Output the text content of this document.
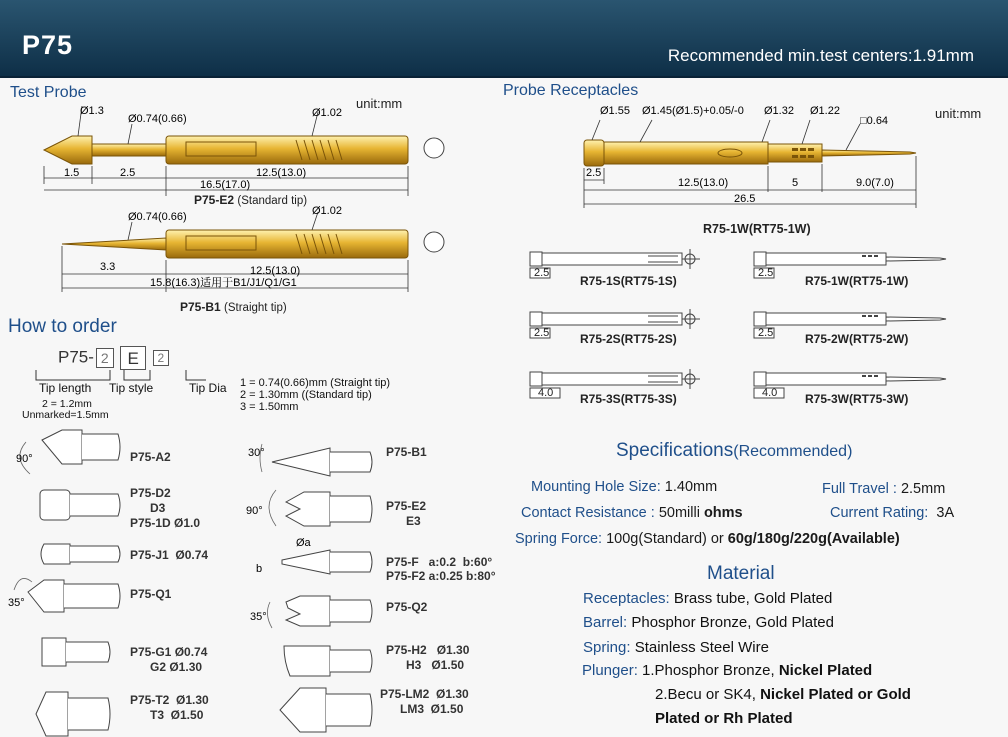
P75	Recommended min.test centers:1.91mm
Test Probe
unit:mm
Ø1.3
Ø0.74(0.66)	Ø1.02
1.5	2.5	12.5(13.0)
16.5(17.0)
Ø0.74(0.66)	Ø1.02
3.3	12.5(13.0)
15.8(16.3)适用于B1/J1/Q1/G1
P75-E2 (Standard tip)
P75-B1 (Straight tip)
Probe Receptacles
unit:mm
Ø1.55 Ø1.45(Ø1.5)+0.05/-0 Ø1.32 Ø1.22
□0.64
2.5
12.5(13.0)	5	9.0(7.0)
26.5
R75-1W(RT75-1W)
2.5
R75-1S(RT75-1S)
2.5
R75-1W(RT75-1W)
2.5	R75-2S(RT75-2S)	2.5	R75-2W(RT75-2W)
4.0 R75-3S(RT75-3S)	4.0 R75-3W(RT75-3W)
How to order
P75- 2 E 2
Tip length Tip style	Tip Dia
2 = 1.2mm
Unmarked=1.5mm
1 = 0.74(0.66)mm (Straight tip)
2 = 1.30mm ((Standard tip)
3 = 1.50mm
90°
35°
30°
90°
Øa
b
35°
P75-A2
P75-D2
D3
P75-1D Ø1.0
P75-J1  Ø0.74
P75-Q1
P75-G1 Ø0.74
G2 Ø1.30
P75-T2  Ø1.30
T3  Ø1.50
P75-B1
P75-E2
E3
P75-F   a:0.2  b:60°
P75-F2 a:0.25 b:80°
P75-Q2
P75-H2   Ø1.30
H3   Ø1.50
P75-LM2  Ø1.30
LM3  Ø1.50
Specifications(Recommended)
Mounting Hole Size: 1.40mm	Full Travel : 2.5mm
Contact Resistance : 50milli ohms	Current Rating: 3A
Spring Force: 100g(Standard) or 60g/180g/220g(Available)
Material
Receptacles: Brass tube, Gold Plated
Barrel: Phosphor Bronze, Gold Plated
Spring: Stainless Steel Wire
Plunger: 1.Phosphor Bronze, Nickel Plated
2.Becu or SK4, Nickel Plated or Gold
Plated or Rh Plated
